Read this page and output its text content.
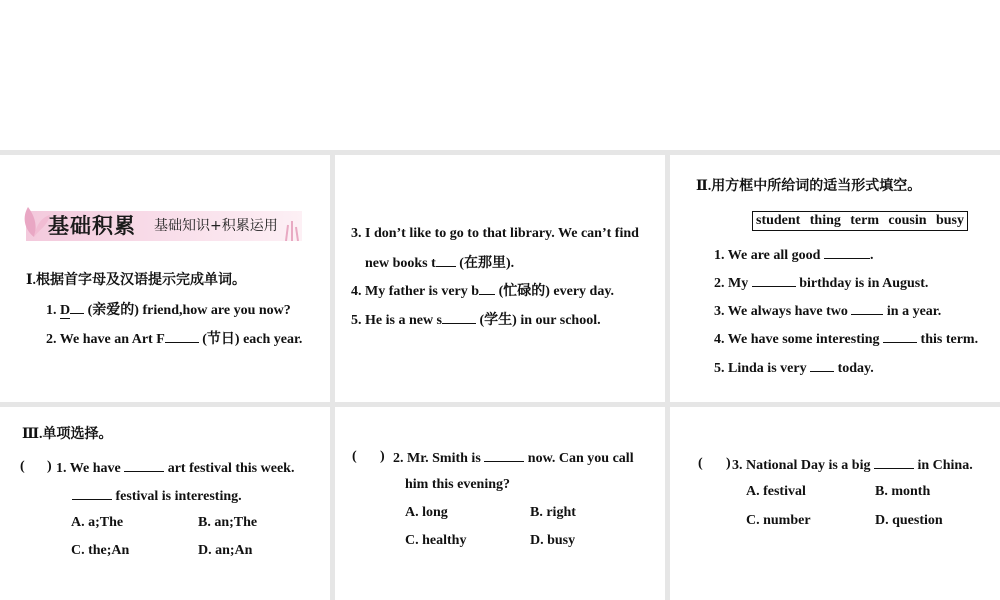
基础积累 基础知识+积累运用
Ⅰ.根据首字母及汉语提示完成单词。
1. D (亲爱的) friend,how are you now?
2. We have an Art F	(节日) each year.
3. I don’t like to go to that library. We can’t find
new books t (在那里).
4. My father is very b (忙碌的) every day.
5. He is a new s	(学生) in our school.
Ⅱ.用方框中所给词的适当形式填空。
student thing term cousin busy
1. We are all good	.
2. My	birthday is in August.
3. We always have two	in a year.
4. We have some interesting	this term.
5. Linda is very today.
Ⅲ.单项选择。
( ) 1. We have	art festival this week.
festival is interesting.
A. a;The	B. an;The
C. the;An	D. an;An
( ) 2. Mr. Smith is	now. Can you call
him this evening?
A. long	B. right
C. healthy	D. busy
( ) 3. National Day is a big	in China.
A. festival	B. month
C. number	D. question
